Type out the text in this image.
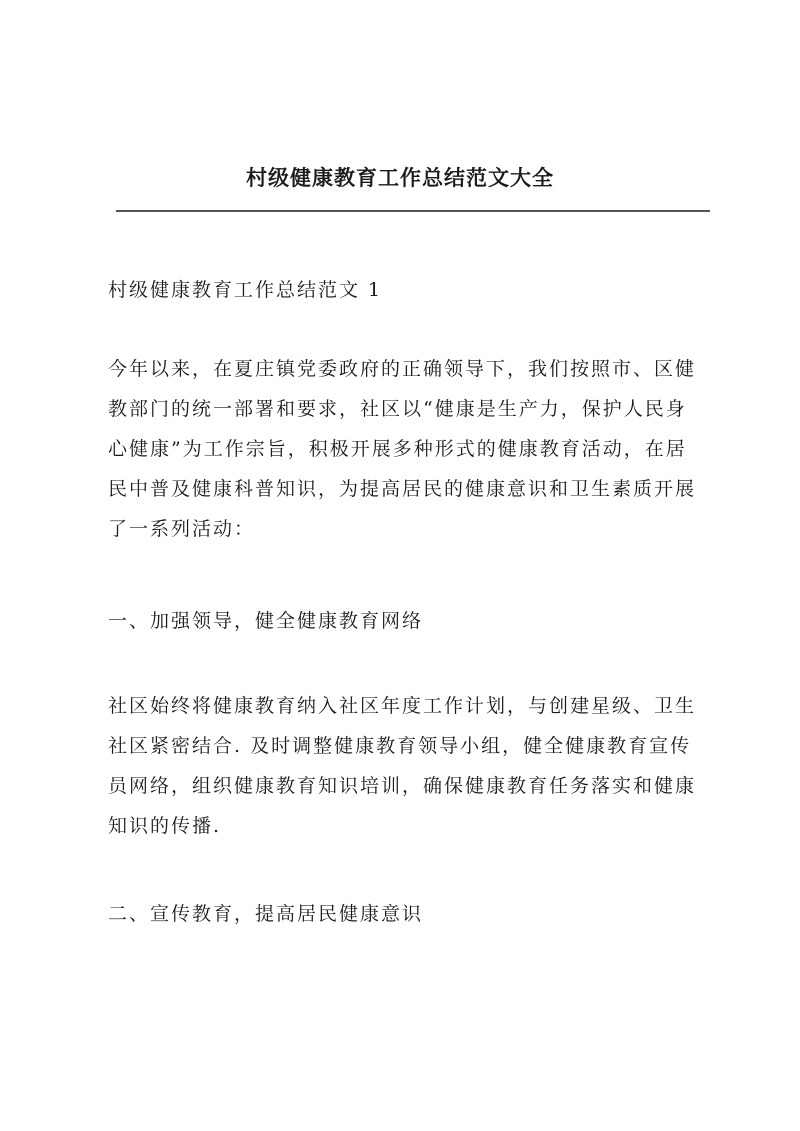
村级健康教育工作总结范文大全
村级健康教育工作总结范文 1
今年以来，在夏庄镇党委政府的正确领导下，我们按照市、区健
教部门的统一部署和要求，社区以“健康是生产力，保护人民身
心健康”为工作宗旨，积极开展多种形式的健康教育活动，在居
民中普及健康科普知识，为提高居民的健康意识和卫生素质开展
了一系列活动：
一、加强领导，健全健康教育网络
社区始终将健康教育纳入社区年度工作计划，与创建星级、卫生
社区紧密结合. 及时调整健康教育领导小组，健全健康教育宣传
员网络，组织健康教育知识培训，确保健康教育任务落实和健康
知识的传播.
二、宣传教育，提高居民健康意识
